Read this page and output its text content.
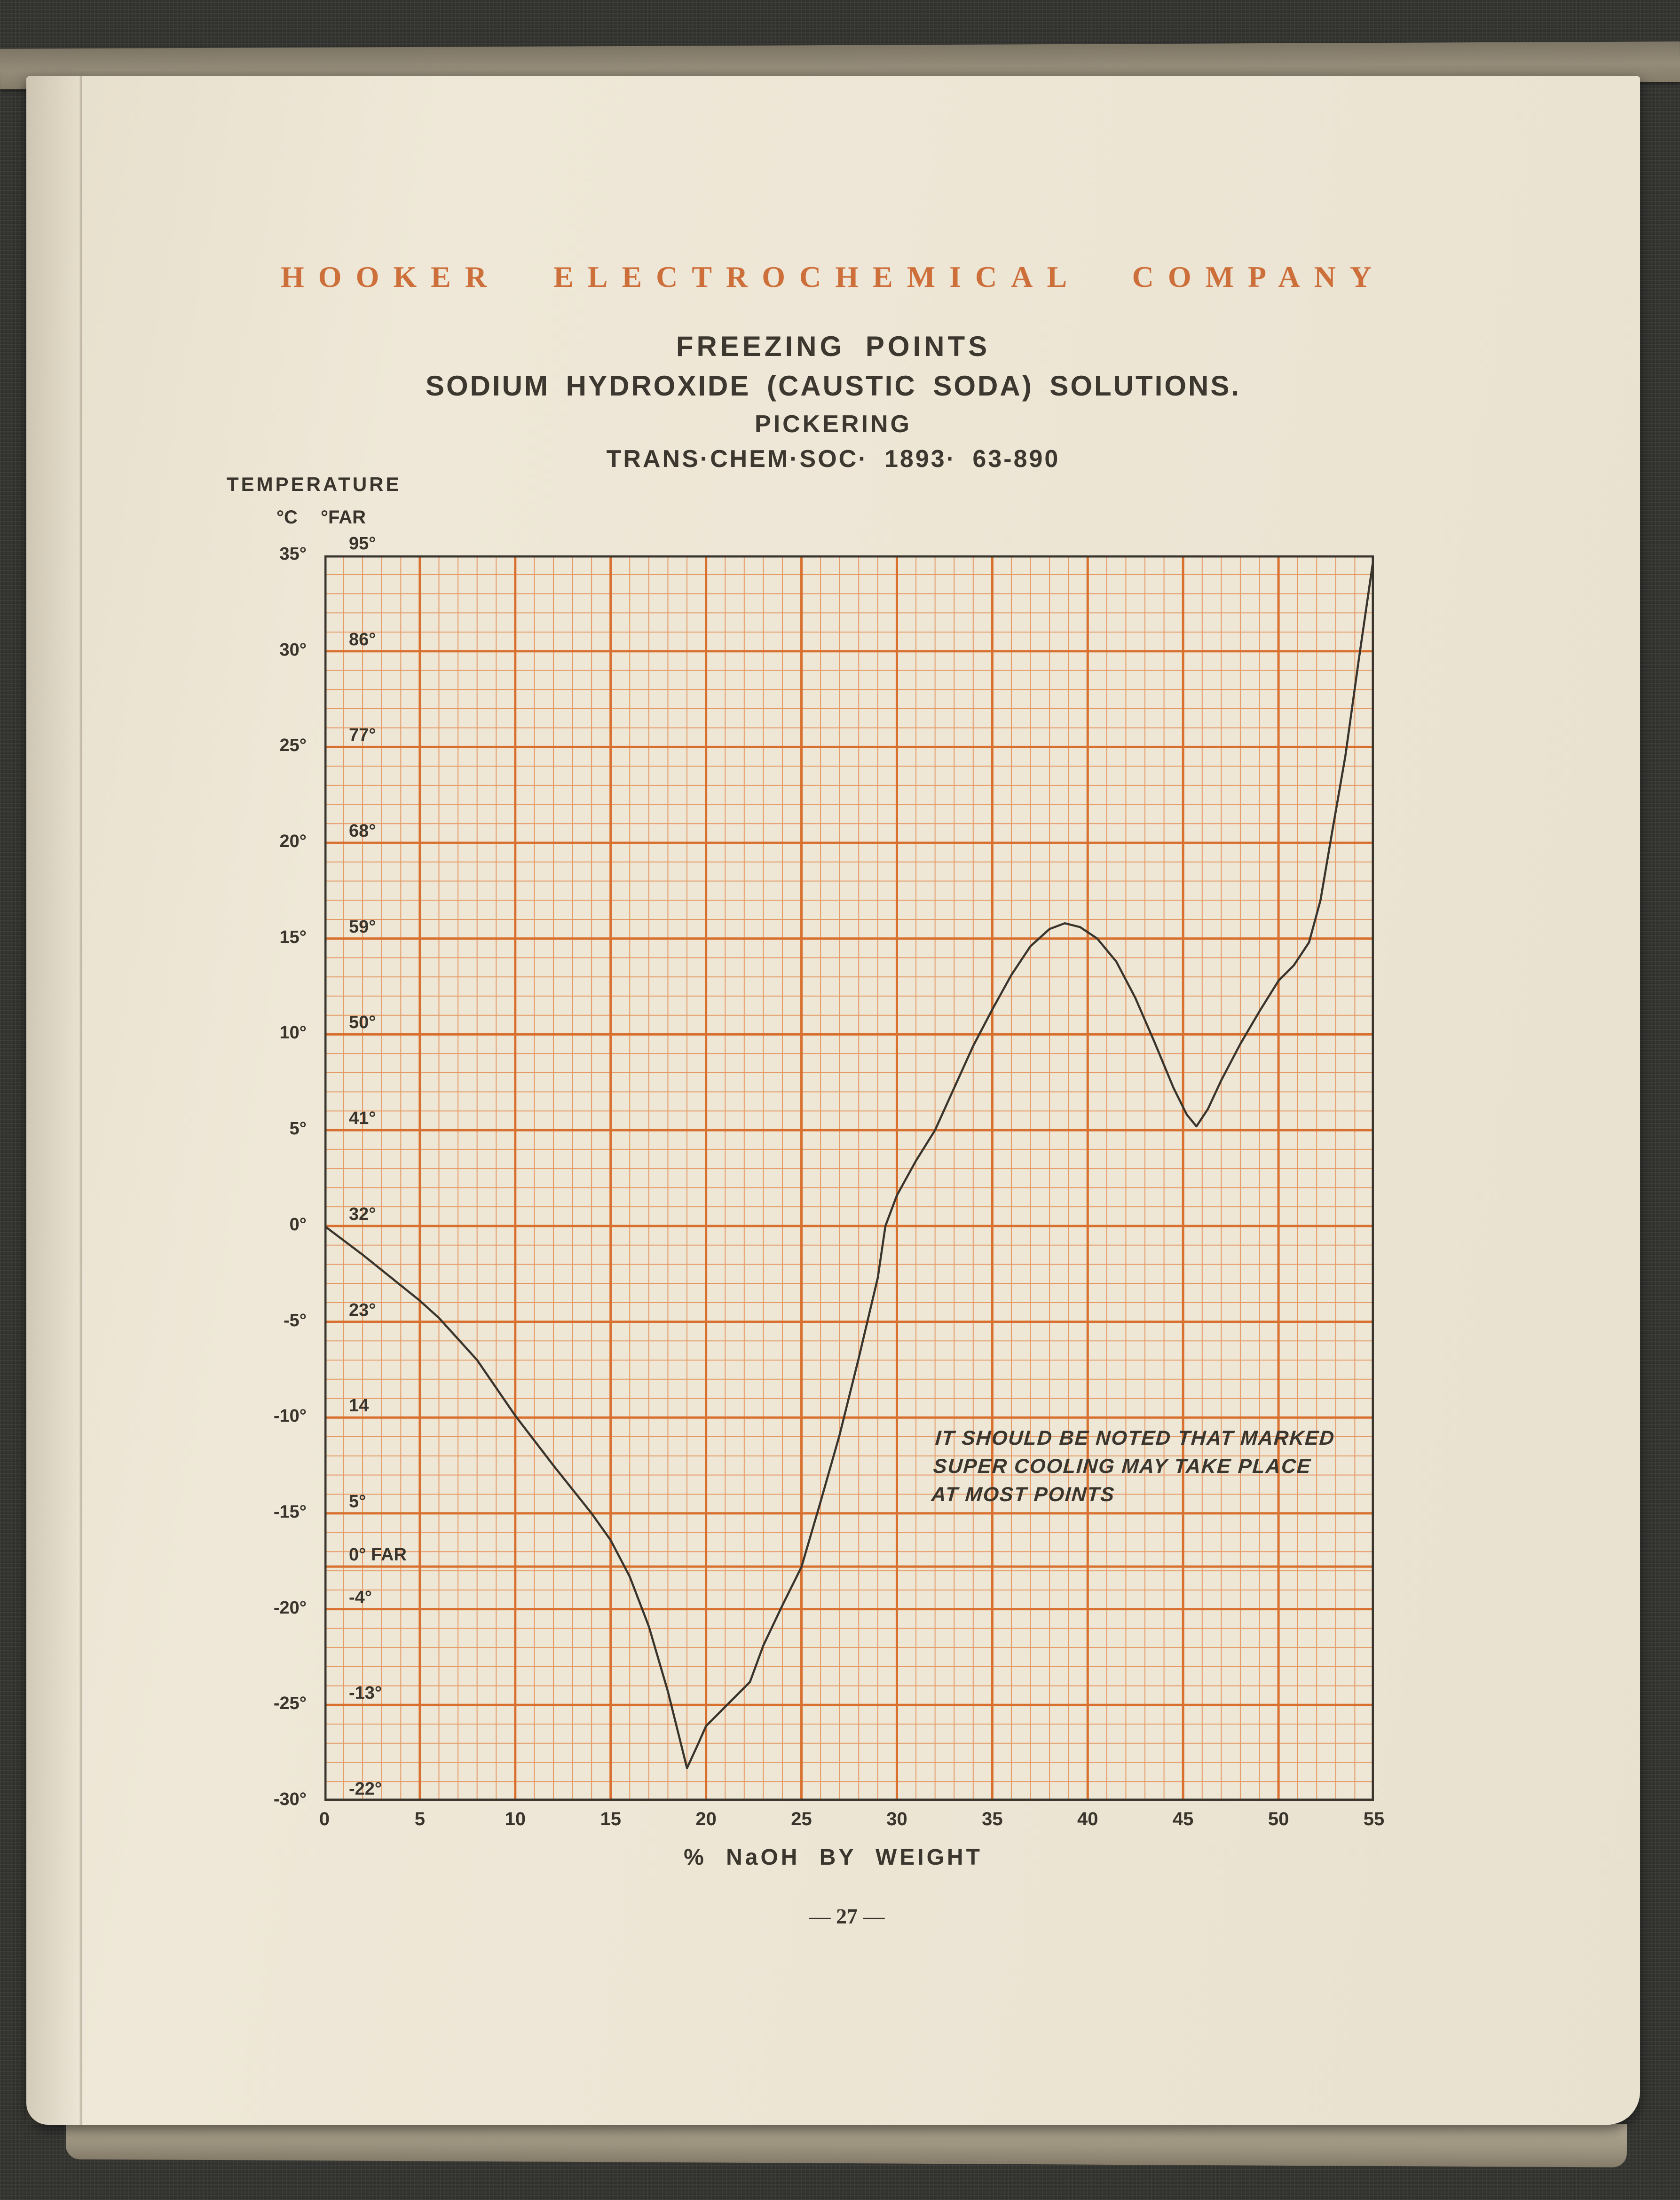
HOOKER ELECTROCHEMICAL COMPANY
FREEZING POINTS
SODIUM HYDROXIDE (CAUSTIC SODA) SOLUTIONS.
PICKERING
TRANS·CHEM·SOC· 1893· 63-890
TEMPERATURE
°C °FAR
35°
30°
25°
20°
15°
10°
5°
0°
-5°
-10°
-15°
-20°
-25°
-30°
95°
86°
77°
68°
59°
50°
41°
32°
23°
14
5°
-4°
-13°
-22°
0° FAR
0	5	10	15	20	25	30	35	40	45	50	55
IT SHOULD BE NOTED THAT MARKED
SUPER COOLING MAY TAKE PLACE
AT MOST POINTS
% NaOH BY WEIGHT
— 27 —
